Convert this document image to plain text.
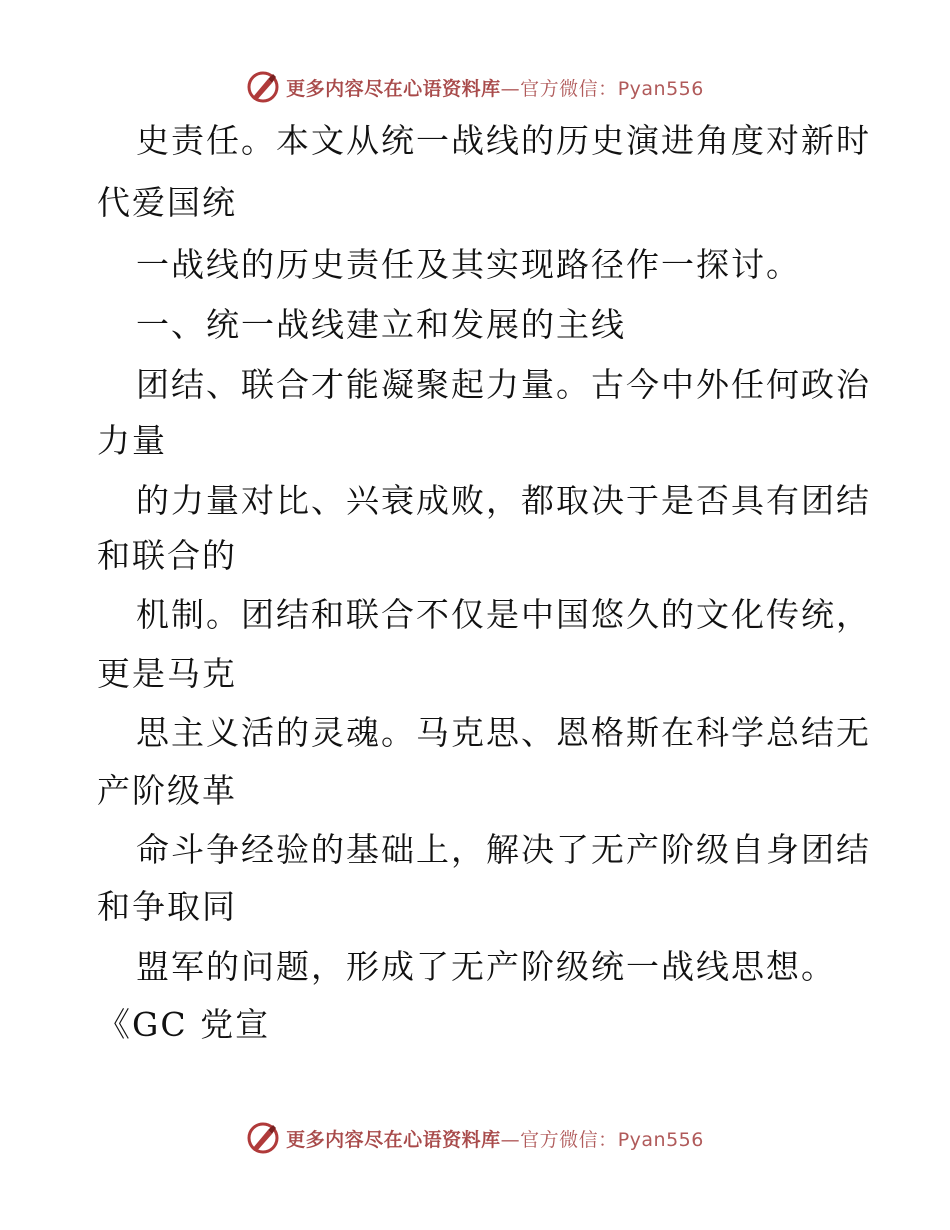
更多内容尽在心语资料库—官方微信：Pyan556
史责任。本文从统一战线的历史演进角度对新时
代爱国统
一战线的历史责任及其实现路径作一探讨。
一、统一战线建立和发展的主线
团结、联合才能凝聚起力量。古今中外任何政治
力量
的力量对比、兴衰成败，都取决于是否具有团结
和联合的
机制。团结和联合不仅是中国悠久的文化传统，
更是马克
思主义活的灵魂。马克思、恩格斯在科学总结无
产阶级革
命斗争经验的基础上，解决了无产阶级自身团结
和争取同
盟军的问题，形成了无产阶级统一战线思想。
《GC 党宣
更多内容尽在心语资料库—官方微信：Pyan556
